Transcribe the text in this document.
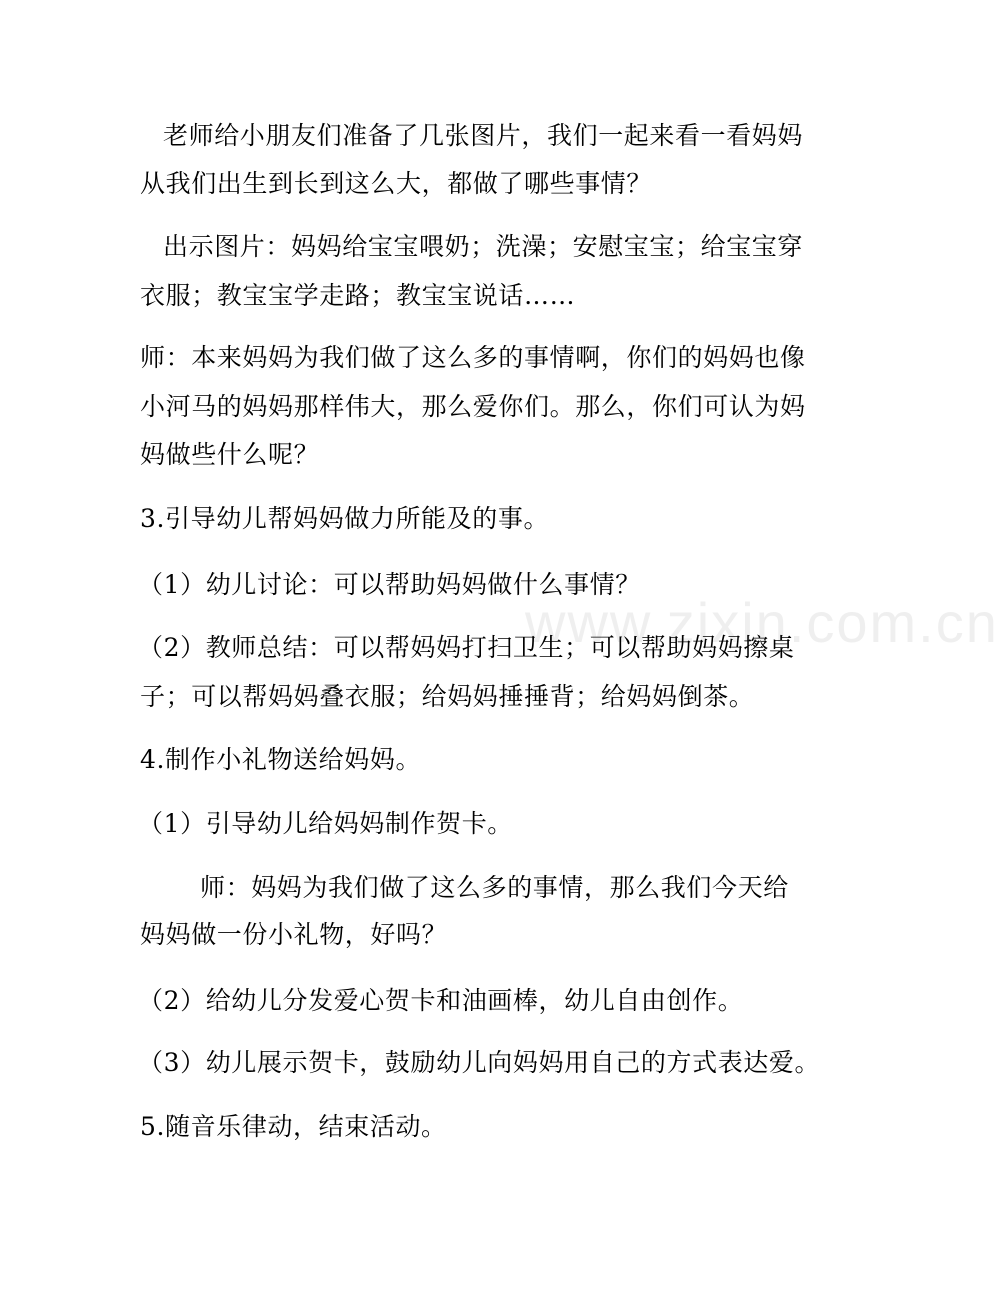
www.zixin.com.cn
老师给小朋友们准备了几张图片，我们一起来看一看妈妈
从我们出生到长到这么大，都做了哪些事情？
出示图片：妈妈给宝宝喂奶；洗澡；安慰宝宝；给宝宝穿
衣服；教宝宝学走路；教宝宝说话……
师：本来妈妈为我们做了这么多的事情啊，你们的妈妈也像
小河马的妈妈那样伟大，那么爱你们。那么，你们可认为妈
妈做些什么呢？
3.引导幼儿帮妈妈做力所能及的事。
（1）幼儿讨论：可以帮助妈妈做什么事情？
（2）教师总结：可以帮妈妈打扫卫生；可以帮助妈妈擦桌
子；可以帮妈妈叠衣服；给妈妈捶捶背；给妈妈倒茶。
4.制作小礼物送给妈妈。
（1）引导幼儿给妈妈制作贺卡。
师：妈妈为我们做了这么多的事情，那么我们今天给
妈妈做一份小礼物，好吗？
（2）给幼儿分发爱心贺卡和油画棒，幼儿自由创作。
（3）幼儿展示贺卡，鼓励幼儿向妈妈用自己的方式表达爱。
5.随音乐律动，结束活动。
